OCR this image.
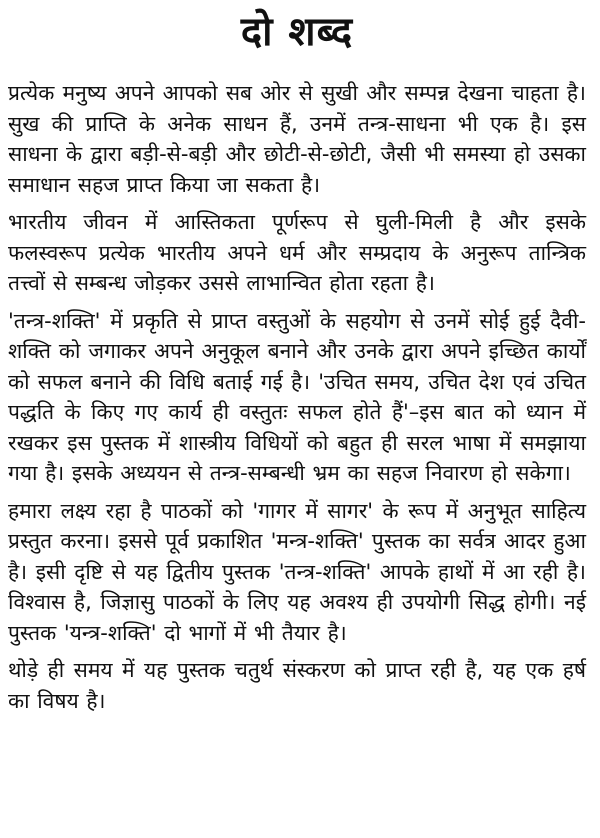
दो शब्द

प्रत्येक मनुष्य अपने आपको सब ओर से सुखी और सम्पन्न देखना चाहता है। सुख की प्राप्ति के अनेक साधन हैं, उनमें तन्त्र-साधना भी एक है। इस साधना के द्वारा बड़ी-से-बड़ी और छोटी-से-छोटी, जैसी भी समस्या हो उसका समाधान सहज प्राप्त किया जा सकता है।

भारतीय जीवन में आस्तिकता पूर्णरूप से घुली-मिली है और इसके फलस्वरूप प्रत्येक भारतीय अपने धर्म और सम्प्रदाय के अनुरूप तान्त्रिक तत्त्वों से सम्बन्ध जोड़कर उससे लाभान्वित होता रहता है।

'तन्त्र-शक्ति' में प्रकृति से प्राप्त वस्तुओं के सहयोग से उनमें सोई हुई दैवी-शक्ति को जगाकर अपने अनुकूल बनाने और उनके द्वारा अपने इच्छित कार्यों को सफल बनाने की विधि बताई गई है। 'उचित समय, उचित देश एवं उचित पद्धति के किए गए कार्य ही वस्तुतः सफल होते हैं'–इस बात को ध्यान में रखकर इस पुस्तक में शास्त्रीय विधियों को बहुत ही सरल भाषा में समझाया गया है। इसके अध्ययन से तन्त्र-सम्बन्धी भ्रम का सहज निवारण हो सकेगा।

हमारा लक्ष्य रहा है पाठकों को 'गागर में सागर' के रूप में अनुभूत साहित्य प्रस्तुत करना। इससे पूर्व प्रकाशित 'मन्त्र-शक्ति' पुस्तक का सर्वत्र आदर हुआ है। इसी दृष्टि से यह द्वितीय पुस्तक 'तन्त्र-शक्ति' आपके हाथों में आ रही है। विश्वास है, जिज्ञासु पाठकों के लिए यह अवश्य ही उपयोगी सिद्ध होगी। नई पुस्तक 'यन्त्र-शक्ति' दो भागों में भी तैयार है।

थोड़े ही समय में यह पुस्तक चतुर्थ संस्करण को प्राप्त रही है, यह एक हर्ष का विषय है।
